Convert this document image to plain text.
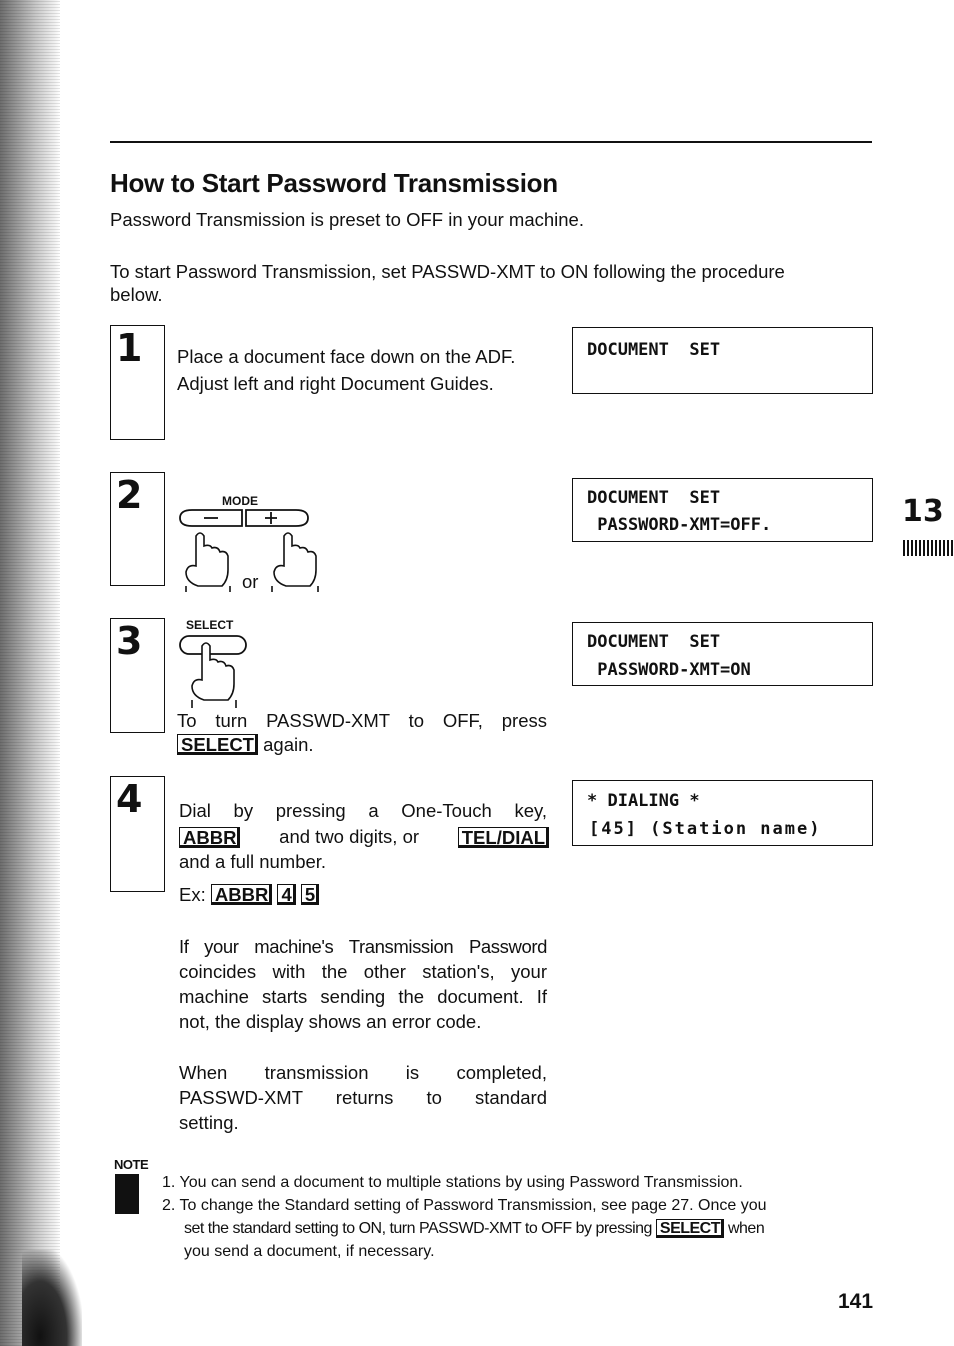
How to Start Password Transmission
Password Transmission is preset to OFF in your machine.
To start Password Transmission, set PASSWD-XMT to ON following the procedure
below.
1 Place a document face down on the ADF.
Adjust left and right Document Guides.
DOCUMENT  SET
2	MODE
or
DOCUMENT  SET
PASSWORD-XMT=OFF.	13
3	SELECT
To turn PASSWD-XMT to OFF, press
SELECT again.
DOCUMENT  SET
PASSWORD-XMT=ON
4 Dial by pressing a One-Touch key,
ABBR and two digits, or TEL/DIAL
and a full number.
Ex: ABBR 4 5
If your machine's Transmission Password
coincides with the other station's, your
machine starts sending the document. If
not, the display shows an error code.
When transmission is completed,
PASSWD-XMT returns to standard
setting.
* DIALING *
[45] (Station name)
NOTE
1. You can send a document to multiple stations by using Password Transmission.
2. To change the Standard setting of Password Transmission, see page 27. Once you
set the standard setting to ON, turn PASSWD-XMT to OFF by pressing SELECT when
you send a document, if necessary.
141
